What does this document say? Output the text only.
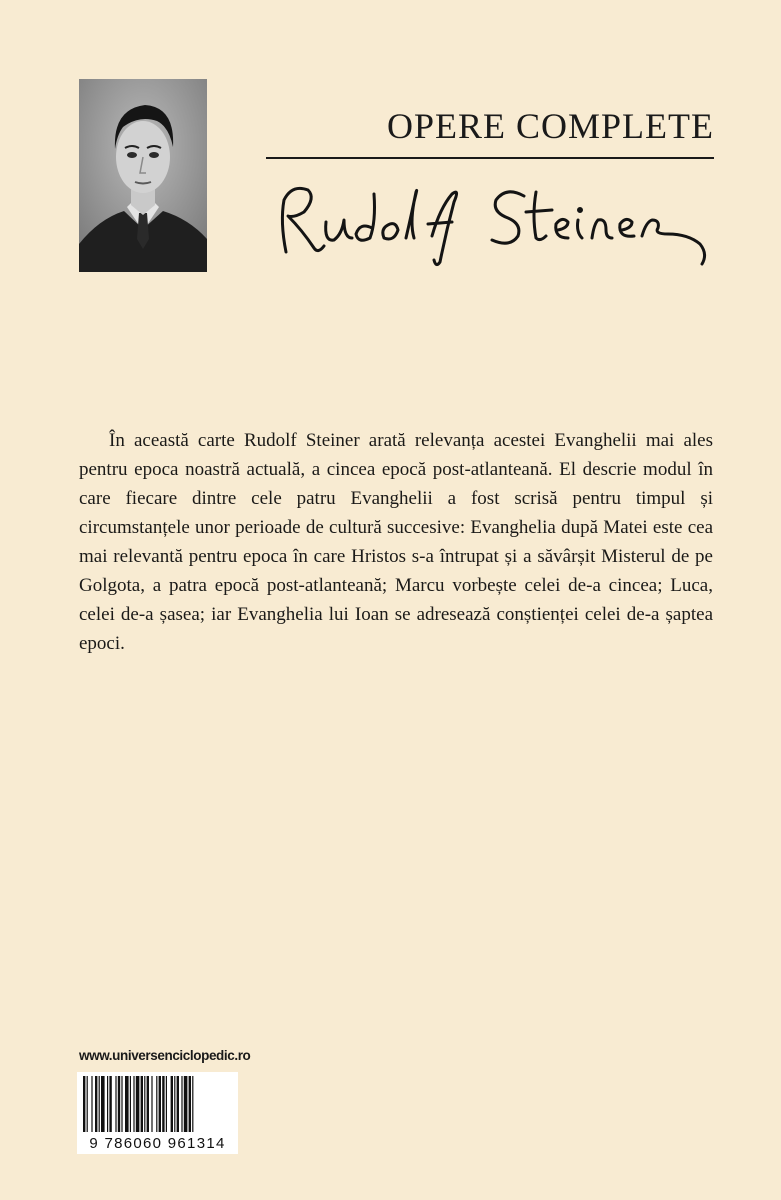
OPERE COMPLETE

În această carte Rudolf Steiner arată relevanța acestei Evanghelii mai ales pentru epoca noastră actuală, a cincea epocă post-atlanteană. El descrie modul în care fiecare dintre cele patru Evanghelii a fost scrisă pentru timpul și circumstanțele unor perioade de cultură succesive: Evanghelia după Matei este cea mai relevantă pentru epoca în care Hristos s-a întrupat și a săvârșit Misterul de pe Golgota, a patra epocă post-atlanteană; Marcu vorbește celei de-a cincea; Luca, celei de-a șasea; iar Evanghelia lui Ioan se adresează conștienței celei de-a șaptea epoci.

www.universenciclopedic.ro
9 786060 961314
